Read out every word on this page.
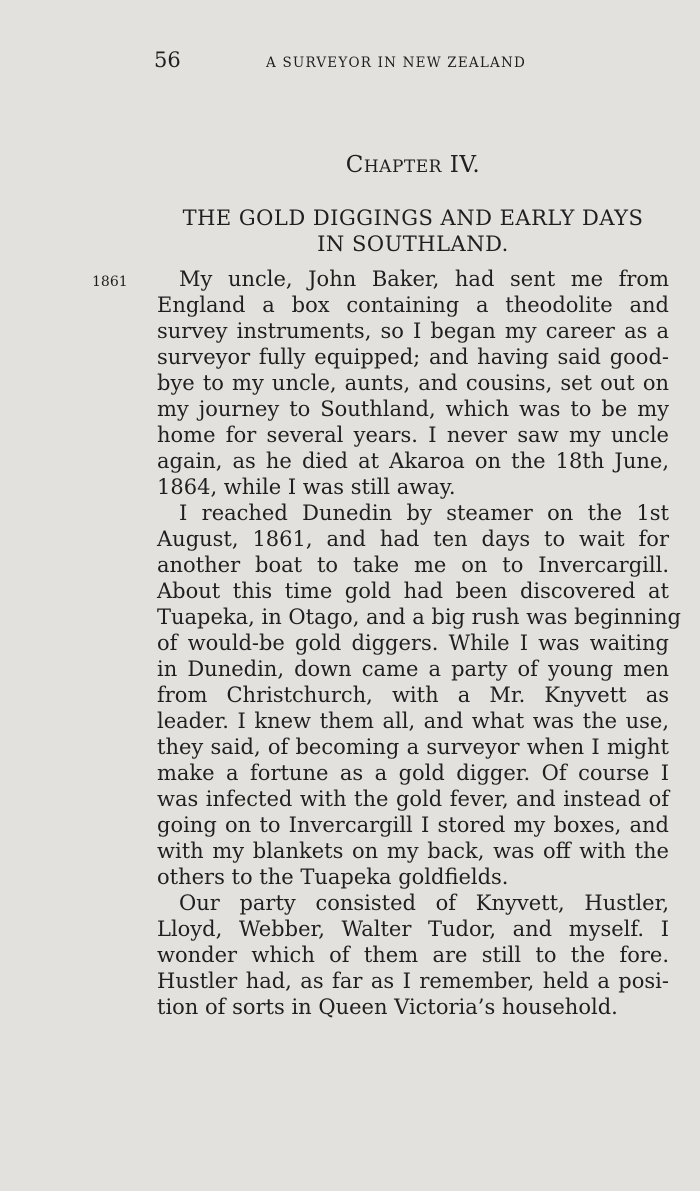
56	A SURVEYOR IN NEW ZEALAND
CHAPTER IV.
THE GOLD DIGGINGS AND EARLY DAYS
IN SOUTHLAND.
1861	My uncle, John Baker, had sent me from
England a box containing a theodolite and
survey instruments, so I began my career as a
surveyor fully equipped; and having said good-
bye to my uncle, aunts, and cousins, set out on
my journey to Southland, which was to be my
home for several years. I never saw my uncle
again, as he died at Akaroa on the 18th June,
1864, while I was still away.

I reached Dunedin by steamer on the 1st
August, 1861, and had ten days to wait for
another boat to take me on to Invercargill.
About this time gold had been discovered at
Tuapeka, in Otago, and a big rush was beginning
of would-be gold diggers. While I was waiting
in Dunedin, down came a party of young men
from Christchurch, with a Mr. Knyvett as
leader. I knew them all, and what was the use,
they said, of becoming a surveyor when I might
make a fortune as a gold digger. Of course I
was infected with the gold fever, and instead of
going on to Invercargill I stored my boxes, and
with my blankets on my back, was off with the
others to the Tuapeka goldfields.

Our party consisted of Knyvett, Hustler,
Lloyd, Webber, Walter Tudor, and myself. I
wonder which of them are still to the fore.
Hustler had, as far as I remember, held a posi-
tion of sorts in Queen Victoria’s household.
